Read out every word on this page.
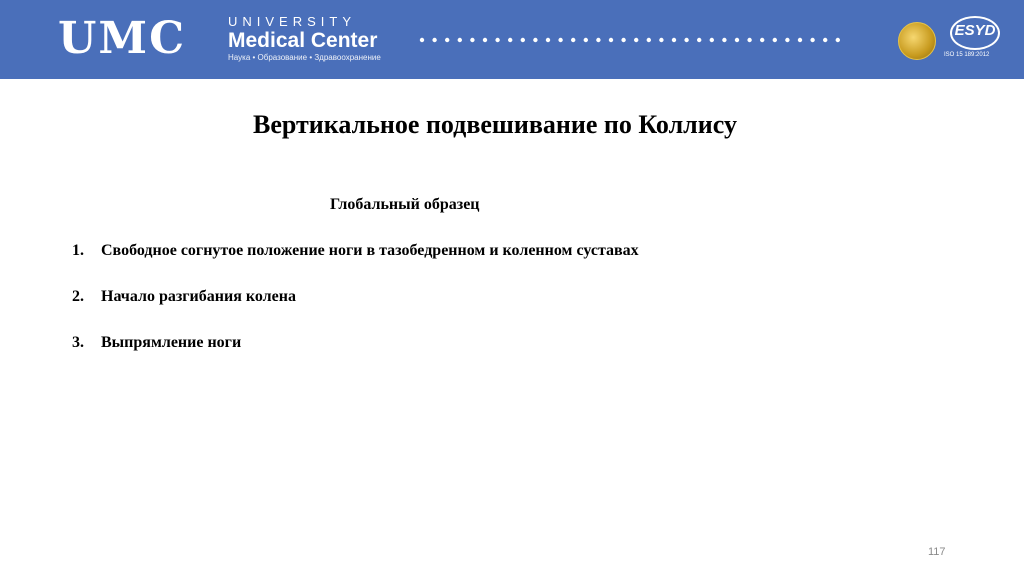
UMC	UNIVERSITY
Medical Center
Наука • Образование • Здравоохранение
ESYD
ISO 15 189:2012
Вертикальное подвешивание по Коллису
Глобальный образец
1. Свободное согнутое положение ноги в тазобедренном и коленном суставах
2. Начало разгибания колена
3. Выпрямление ноги
117
